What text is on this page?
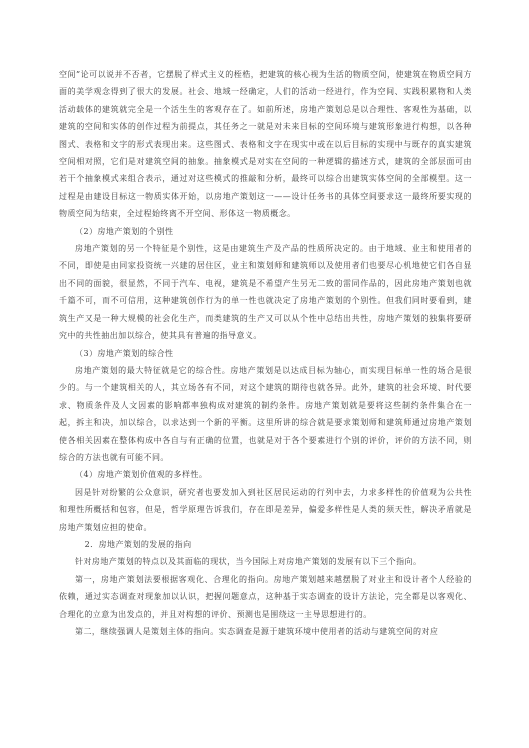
空间”论可以说并不否者，它摆脱了样式主义的桎梏，把建筑的核心视为生活的物质空间，使建筑在物质空间方面的美学观念得到了很大的发展。社会、地域一经确定，人们的活动一经进行，作为空间、实践积累物和人类活动载体的建筑就完全是一个活生生的客观存在了。如前所述，房地产策划总是以合理性、客观性为基础，以建筑的空间和实体的创作过程为前提点，其任务之一就是对未来目标的空间环境与建筑形象进行构想，以各种图式、表格和文字的形式表现出来。这些图式、表格和文字在现实中或在以后目标的实现中与既存的真实建筑空间相对照，它们是对建筑空间的抽象。抽象模式是对实在空间的一种逻辑的描述方式，建筑的全部层面可由若干个抽象模式来组合表示，通过对这些模式的推敲和分析，最终可以综合出建筑实体空间的全部模型。这一过程是由建设目标这一物质实体开始，以房地产策划这一——设计任务书的具体空间要求这一最终所要实现的物质空间为结束，全过程始终离不开空间、形体这一物质概念。

（2）房地产策划的个别性

房地产策划的另一个特征是个别性，这是由建筑生产及产品的性质所决定的。由于地域、业主和使用者的不同，即使是由同家投资统一兴建的居住区，业主和策划师和建筑师以及使用者们也要尽心机地使它们各自显出不同的面貌，很显然，不同于汽车、电视，建筑是不希望产生另无二致的雷同作品的，因此房地产策划也就千篇不可，而不可信用，这种建筑创作行为的单一性也就决定了房地产策划的个别性。但我们同时要看到，建筑生产又是一种大规模的社会化生产，而类建筑的生产又可以从个性中总结出共性，房地产策划的独集将要研究中的共性抽出加以综合，使其具有普遍的指导意义。

（3）房地产策划的综合性

房地产策划的最大特征就是它的综合性。房地产策划是以达成目标为轴心，而实现目标单一性的场合是很少的。与一个建筑相关的人，其立场各有不同，对这个建筑的期待也就各异。此外，建筑的社会环境、时代要求、物质条件及人文因素的影响都率独构成对建筑的制约条件。房地产策划就是要将这些制约条件集合在一起，拆主和决，加以综合，以求达到一个新的平衡。这里所讲的综合就是要求策划师和建筑师通过房地产策划使各相关因素在整体构成中各自与有正确的位置，也就是对于各个要素进行个别的评价，评价的方法不同，则综合的方法也就有可能不同。

（4）房地产策划价值观的多样性。

因是针对纷繁的公众意识，研究者也要发加入到社区居民运动的行列中去，力求多样性的价值观为公共性和理性所概括和包容，但是，哲学原理告诉我们，存在即是差异，偏爱多样性是人类的须天性，解决矛盾就是房地产策划应担的使命。

2．房地产策划的发展的指向

针对房地产策划的特点以及其面临的现状，当今国际上对房地产策划的发展有以下三个指向。

第一，房地产策划法要根据客观化、合理化的指向。房地产策划越来越摆脱了对业主和设计者个人经验的依赖，通过实态调查对现象加以认识，把握问题意点，这种基于实态调查的设计方法论，完全都是以客观化、合理化的立意为出发点的，并且对构想的评价、预测也是围绕这一主导思想进行的。

第二，继续强调人是策划主体的指向。实态调查是源于建筑环境中使用者的活动与建筑空间的对应
